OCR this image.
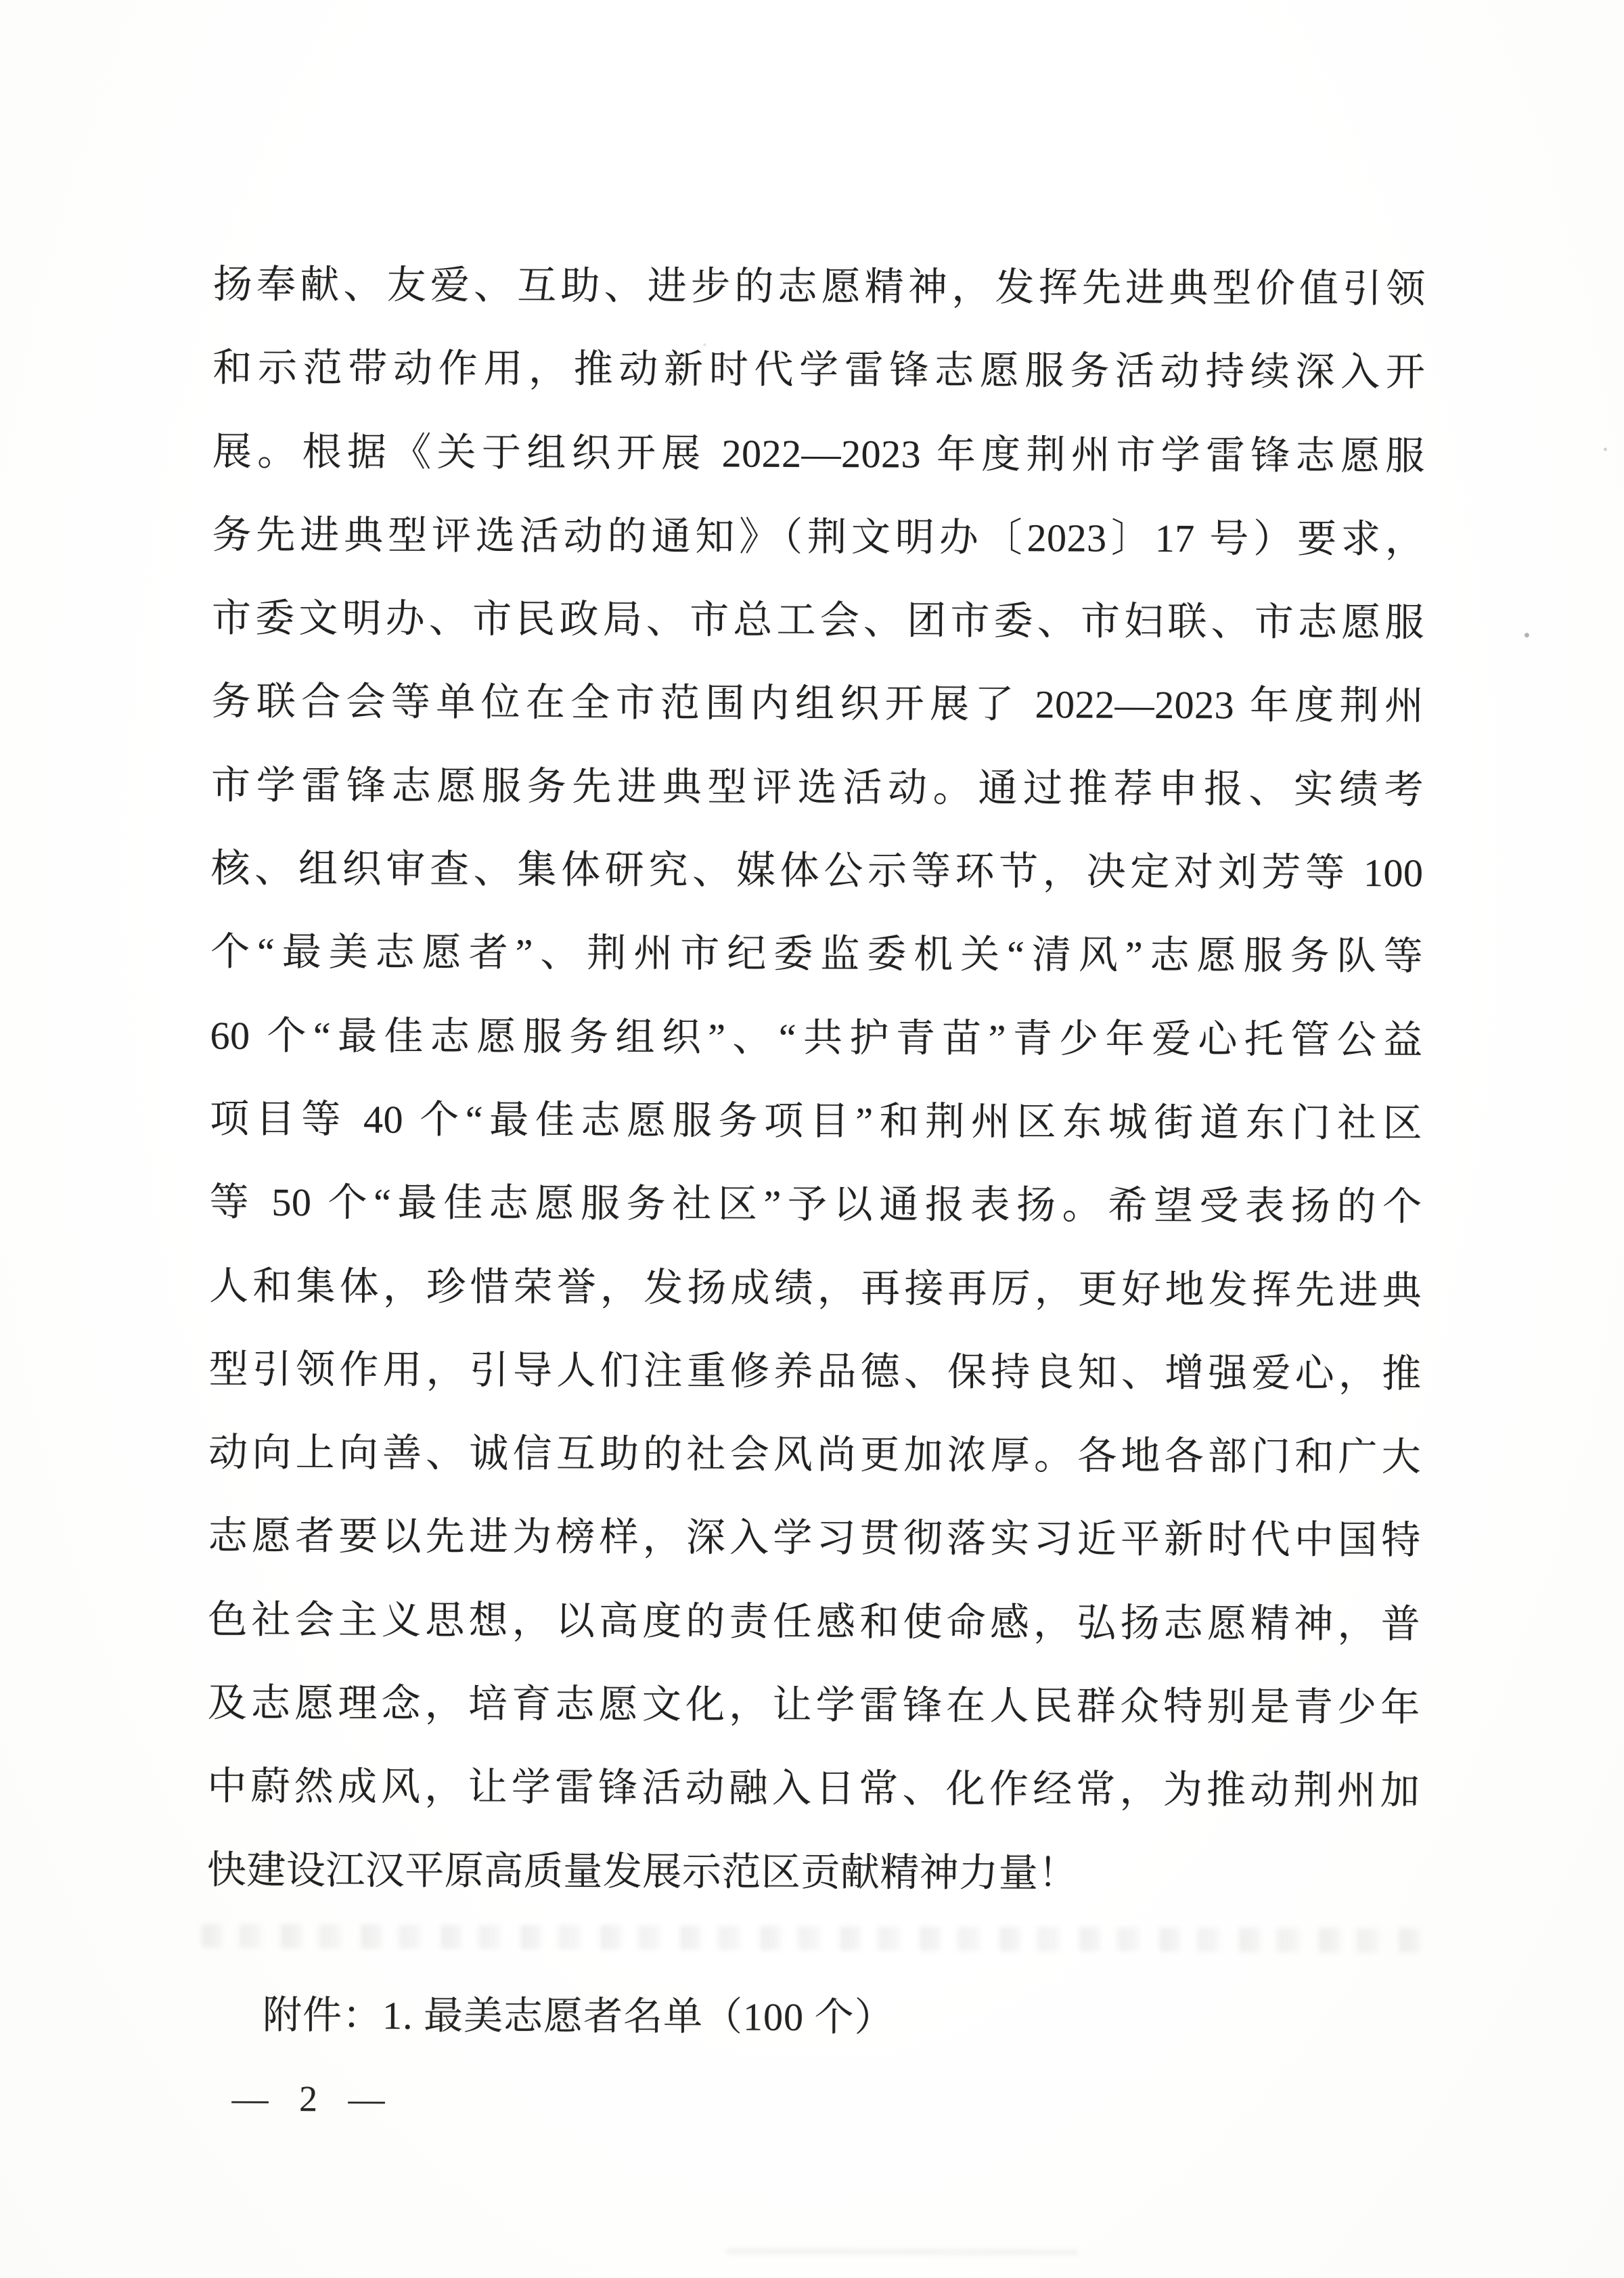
扬奉献、友爱、互助、进步的志愿精神，发挥先进典型价值引领
和示范带动作用，推动新时代学雷锋志愿服务活动持续深入开
展。根据《关于组织开展 2022—2023 年度荆州市学雷锋志愿服
务先进典型评选活动的通知》（荆文明办〔2023〕17 号）要求，
市委文明办、市民政局、市总工会、团市委、市妇联、市志愿服
务联合会等单位在全市范围内组织开展了 2022—2023 年度荆州
市学雷锋志愿服务先进典型评选活动。通过推荐申报、实绩考
核、组织审查、集体研究、媒体公示等环节，决定对刘芳等 100
个“最美志愿者”、荆州市纪委监委机关“清风”志愿服务队等
60 个“最佳志愿服务组织”、“共护青苗”青少年爱心托管公益
项目等 40 个“最佳志愿服务项目”和荆州区东城街道东门社区
等 50 个“最佳志愿服务社区”予以通报表扬。希望受表扬的个
人和集体，珍惜荣誉，发扬成绩，再接再厉，更好地发挥先进典
型引领作用，引导人们注重修养品德、保持良知、增强爱心，推
动向上向善、诚信互助的社会风尚更加浓厚。各地各部门和广大
志愿者要以先进为榜样，深入学习贯彻落实习近平新时代中国特
色社会主义思想，以高度的责任感和使命感，弘扬志愿精神，普
及志愿理念，培育志愿文化，让学雷锋在人民群众特别是青少年
中蔚然成风，让学雷锋活动融入日常、化作经常，为推动荆州加
快建设江汉平原高质量发展示范区贡献精神力量！
附件：1. 最美志愿者名单（100 个）
— 2 —
